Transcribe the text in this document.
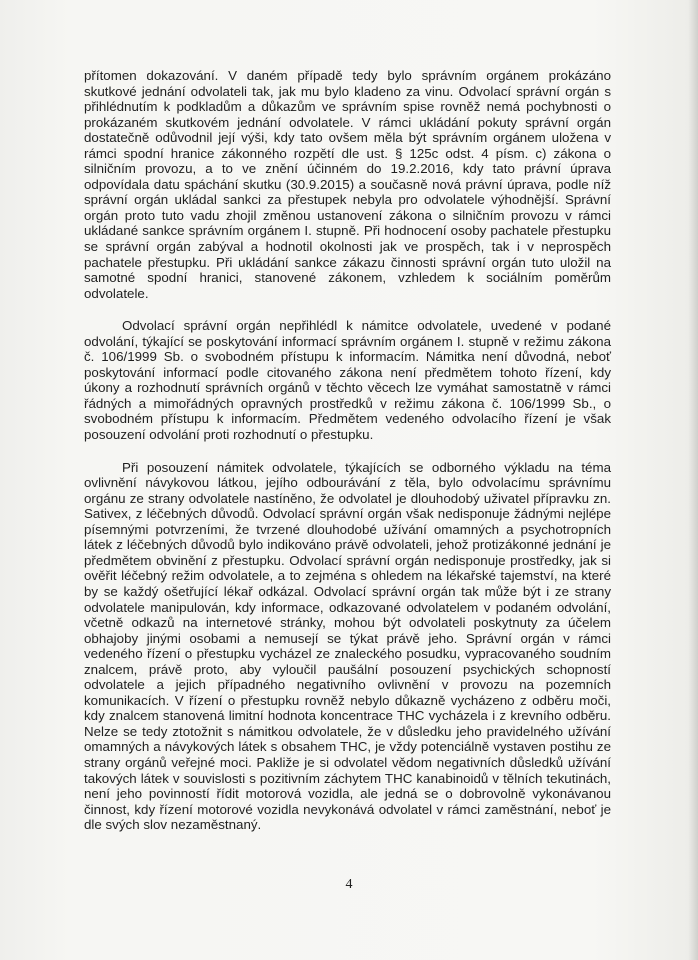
přítomen dokazování. V daném případě tedy bylo správním orgánem prokázáno skutkové jednání odvolateli tak, jak mu bylo kladeno za vinu. Odvolací správní orgán s přihlédnutím k podkladům a důkazům ve správním spise rovněž nemá pochybnosti o prokázaném skutkovém jednání odvolatele. V rámci ukládání pokuty správní orgán dostatečně odůvodnil její výši, kdy tato ovšem měla být správním orgánem uložena v rámci spodní hranice zákonného rozpětí dle ust. § 125c odst. 4 písm. c) zákona o silničním provozu, a to ve znění účinném do 19.2.2016, kdy tato právní úprava odpovídala datu spáchání skutku (30.9.2015) a současně nová právní úprava, podle níž správní orgán ukládal sankci za přestupek nebyla pro odvolatele výhodnější. Správní orgán proto tuto vadu zhojil změnou ustanovení zákona o silničním provozu v rámci ukládané sankce správním orgánem I. stupně. Při hodnocení osoby pachatele přestupku se správní orgán zabýval a hodnotil okolnosti jak ve prospěch, tak i v neprospěch pachatele přestupku. Při ukládání sankce zákazu činnosti správní orgán tuto uložil na samotné spodní hranici, stanovené zákonem, vzhledem k sociálním poměrům odvolatele.

Odvolací správní orgán nepřihlédl k námitce odvolatele, uvedené v podané odvolání, týkající se poskytování informací správním orgánem I. stupně v režimu zákona č. 106/1999 Sb. o svobodném přístupu k informacím. Námitka není důvodná, neboť poskytování informací podle citovaného zákona není předmětem tohoto řízení, kdy úkony a rozhodnutí správních orgánů v těchto věcech lze vymáhat samostatně v rámci řádných a mimořádných opravných prostředků v režimu zákona č. 106/1999 Sb., o svobodném přístupu k informacím. Předmětem vedeného odvolacího řízení je však posouzení odvolání proti rozhodnutí o přestupku.

Při posouzení námitek odvolatele, týkajících se odborného výkladu na téma ovlivnění návykovou látkou, jejího odbourávání z těla, bylo odvolacímu správnímu orgánu ze strany odvolatele nastíněno, že odvolatel je dlouhodobý uživatel přípravku zn. Sativex, z léčebných důvodů. Odvolací správní orgán však nedisponuje žádnými nejlépe písemnými potvrzeními, že tvrzené dlouhodobé užívání omamných a psychotropních látek z léčebných důvodů bylo indikováno právě odvolateli, jehož protizákonné jednání je předmětem obvinění z přestupku. Odvolací správní orgán nedisponuje prostředky, jak si ověřit léčebný režim odvolatele, a to zejména s ohledem na lékařské tajemství, na které by se každý ošetřující lékař odkázal. Odvolací správní orgán tak může být i ze strany odvolatele manipulován, kdy informace, odkazované odvolatelem v podaném odvolání, včetně odkazů na internetové stránky, mohou být odvolateli poskytnuty za účelem obhajoby jinými osobami a nemusejí se týkat právě jeho. Správní orgán v rámci vedeného řízení o přestupku vycházel ze znaleckého posudku, vypracovaného soudním znalcem, právě proto, aby vyloučil paušální posouzení psychických schopností odvolatele a jejich případného negativního ovlivnění v provozu na pozemních komunikacích. V řízení o přestupku rovněž nebylo důkazně vycházeno z odběru moči, kdy znalcem stanovená limitní hodnota koncentrace THC vycházela i z krevního odběru. Nelze se tedy ztotožnit s námitkou odvolatele, že v důsledku jeho pravidelného užívání omamných a návykových látek s obsahem THC, je vždy potenciálně vystaven postihu ze strany orgánů veřejné moci. Pakliže je si odvolatel vědom negativních důsledků užívání takových látek v souvislosti s pozitivním záchytem THC kanabinoidů v tělních tekutinách, není jeho povinností řídit motorová vozidla, ale jedná se o dobrovolně vykonávanou činnost, kdy řízení motorové vozidla nevykonává odvolatel v rámci zaměstnání, neboť je dle svých slov nezaměstnaný.

4
